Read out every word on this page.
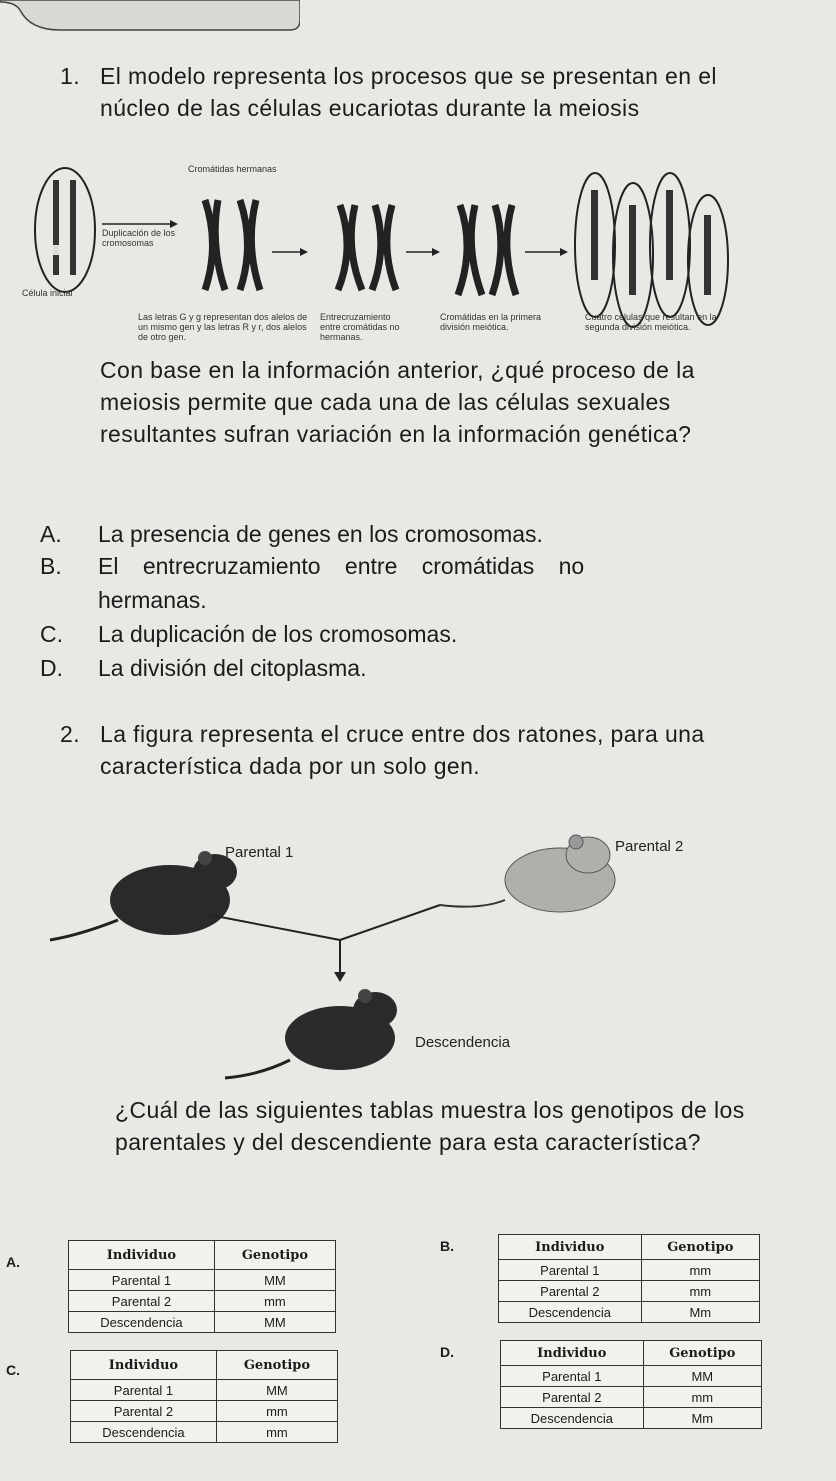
1. El modelo representa los procesos que se presentan en el núcleo de las células eucariotas durante la meiosis
Cromátidas hermanas
Duplicación de los cromosomas
Célula inicial
Las letras G y g representan dos alelos de un mismo gen y las letras R y r, dos alelos de otro gen.
Entrecruzamiento entre cromátidas no hermanas.
Cromátidas en la primera división meiótica.
Cuatro células que resultan en la segunda división meiótica.
Con base en la información anterior, ¿qué proceso de la meiosis permite que cada una de las células sexuales resultantes sufran variación en la información genética?
A. La presencia de genes en los cromosomas.
B. El entrecruzamiento entre cromátidas no
hermanas.
C. La duplicación de los cromosomas.
D. La división del citoplasma.
2. La figura representa el cruce entre dos ratones, para una característica dada por un solo gen.
Parental 1	Parental 2
Descendencia
¿Cuál de las siguientes tablas muestra los genotipos de los parentales y del descendiente para esta característica?
A.	Individuo	Genotipo
Parental 1	MM
Parental 2	mm
Descendencia	MM
B.	Individuo	Genotipo
Parental 1	mm
Parental 2	mm
Descendencia	Mm
C.	Individuo	Genotipo
Parental 1	MM
Parental 2	mm
Descendencia	mm
D.	Individuo	Genotipo
Parental 1	MM
Parental 2	mm
Descendencia	Mm
